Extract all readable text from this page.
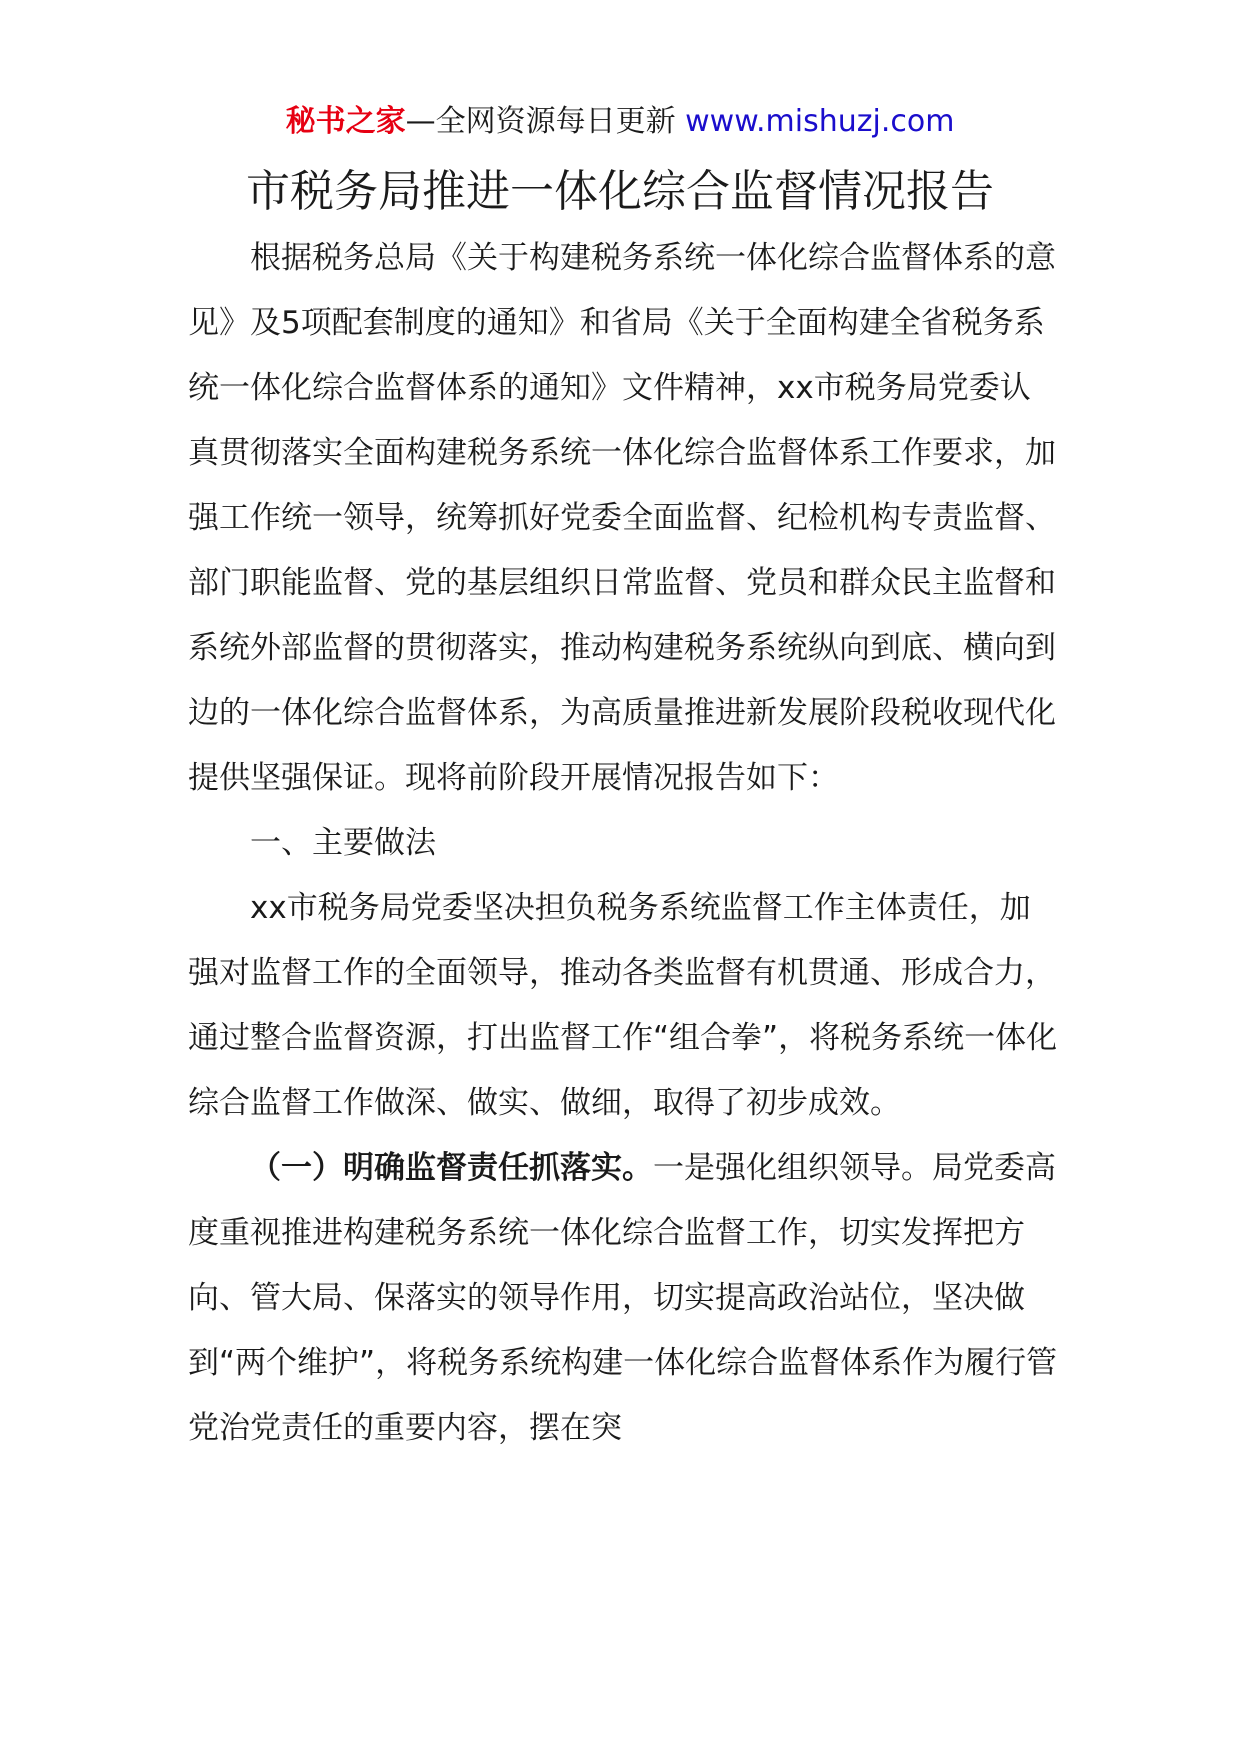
秘书之家—全网资源每日更新 www.mishuzj.com
市税务局推进一体化综合监督情况报告

根据税务总局《关于构建税务系统一体化综合监督体系的意见》及5项配套制度的通知》和省局《关于全面构建全省税务系统一体化综合监督体系的通知》文件精神，xx市税务局党委认真贯彻落实全面构建税务系统一体化综合监督体系工作要求，加强工作统一领导，统筹抓好党委全面监督、纪检机构专责监督、部门职能监督、党的基层组织日常监督、党员和群众民主监督和系统外部监督的贯彻落实，推动构建税务系统纵向到底、横向到边的一体化综合监督体系，为高质量推进新发展阶段税收现代化提供坚强保证。现将前阶段开展情况报告如下：

一、主要做法

xx市税务局党委坚决担负税务系统监督工作主体责任，加强对监督工作的全面领导，推动各类监督有机贯通、形成合力，通过整合监督资源，打出监督工作“组合拳”，将税务系统一体化综合监督工作做深、做实、做细，取得了初步成效。

（一）明确监督责任抓落实。一是强化组织领导。局党委高度重视推进构建税务系统一体化综合监督工作，切实发挥把方向、管大局、保落实的领导作用，切实提高政治站位，坚决做到“两个维护”，将税务系统构建一体化综合监督体系作为履行管党治党责任的重要内容，摆在突
